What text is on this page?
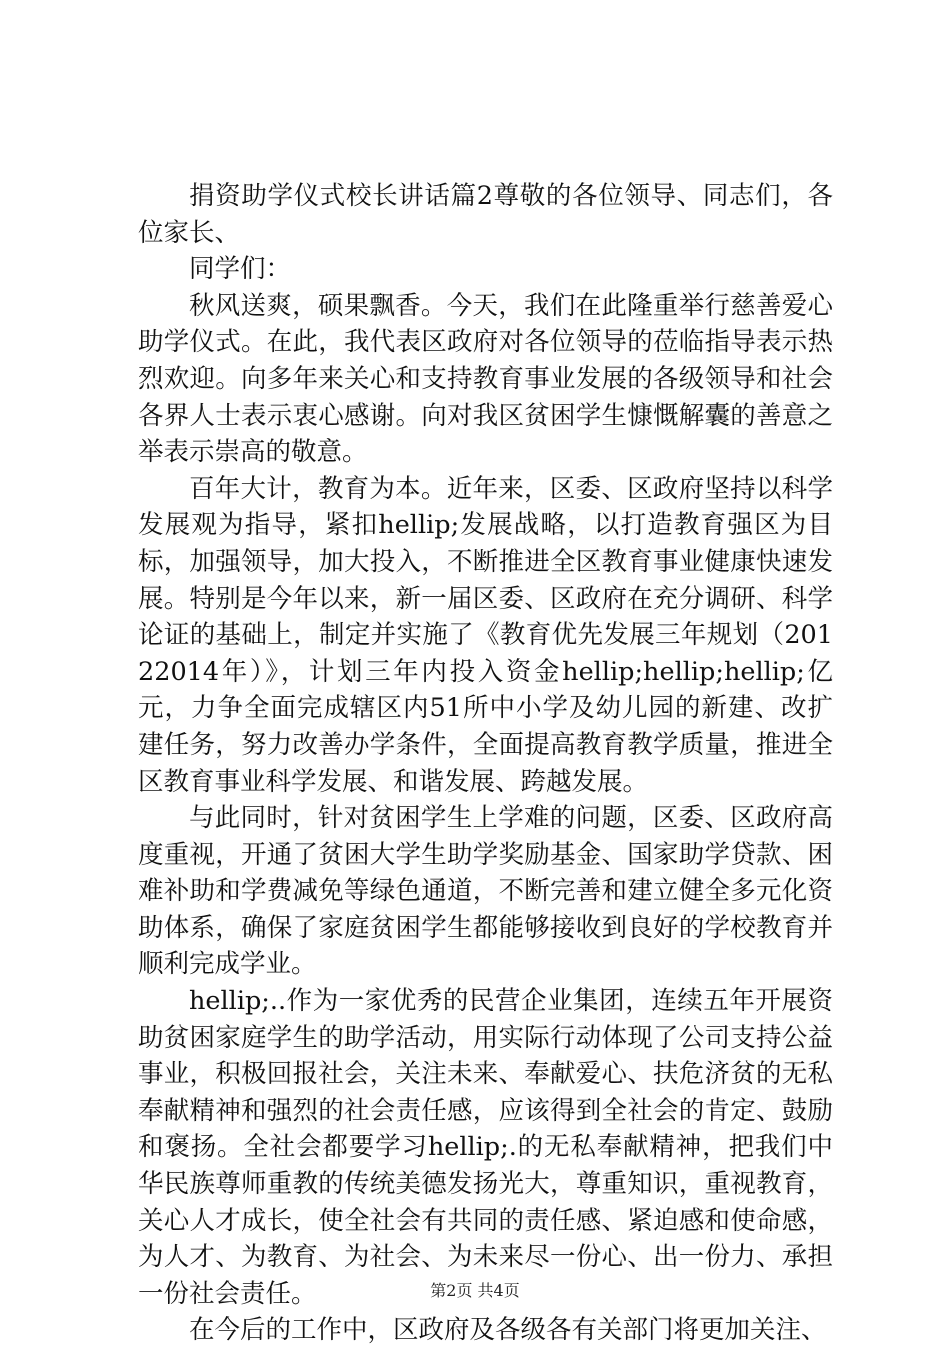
捐资助学仪式校长讲话篇2尊敬的各位领导、同志们，各位家长、

同学们：

秋风送爽，硕果飘香。今天，我们在此隆重举行慈善爱心助学仪式。在此，我代表区政府对各位领导的莅临指导表示热烈欢迎。向多年来关心和支持教育事业发展的各级领导和社会各界人士表示衷心感谢。向对我区贫困学生慷慨解囊的善意之举表示崇高的敬意。

百年大计，教育为本。近年来，区委、区政府坚持以科学发展观为指导，紧扣hellip;发展战略，以打造教育强区为目标，加强领导，加大投入，不断推进全区教育事业健康快速发展。特别是今年以来，新一届区委、区政府在充分调研、科学论证的基础上，制定并实施了《教育优先发展三年规划（20122014年）》，计划三年内投入资金hellip;hellip;hellip;亿元，力争全面完成辖区内51所中小学及幼儿园的新建、改扩建任务，努力改善办学条件，全面提高教育教学质量，推进全区教育事业科学发展、和谐发展、跨越发展。

与此同时，针对贫困学生上学难的问题，区委、区政府高度重视，开通了贫困大学生助学奖励基金、国家助学贷款、困难补助和学费减免等绿色通道，不断完善和建立健全多元化资助体系，确保了家庭贫困学生都能够接收到良好的学校教育并顺利完成学业。

hellip;..作为一家优秀的民营企业集团，连续五年开展资助贫困家庭学生的助学活动，用实际行动体现了公司支持公益事业，积极回报社会，关注未来、奉献爱心、扶危济贫的无私奉献精神和强烈的社会责任感，应该得到全社会的肯定、鼓励和褒扬。全社会都要学习hellip;.的无私奉献精神，把我们中华民族尊师重教的传统美德发扬光大，尊重知识，重视教育，关心人才成长，使全社会有共同的责任感、紧迫感和使命感，为人才、为教育、为社会、为未来尽一份心、出一份力、承担一份社会责任。

在今后的工作中，区政府及各级各有关部门将更加关注、

第2页 共4页
